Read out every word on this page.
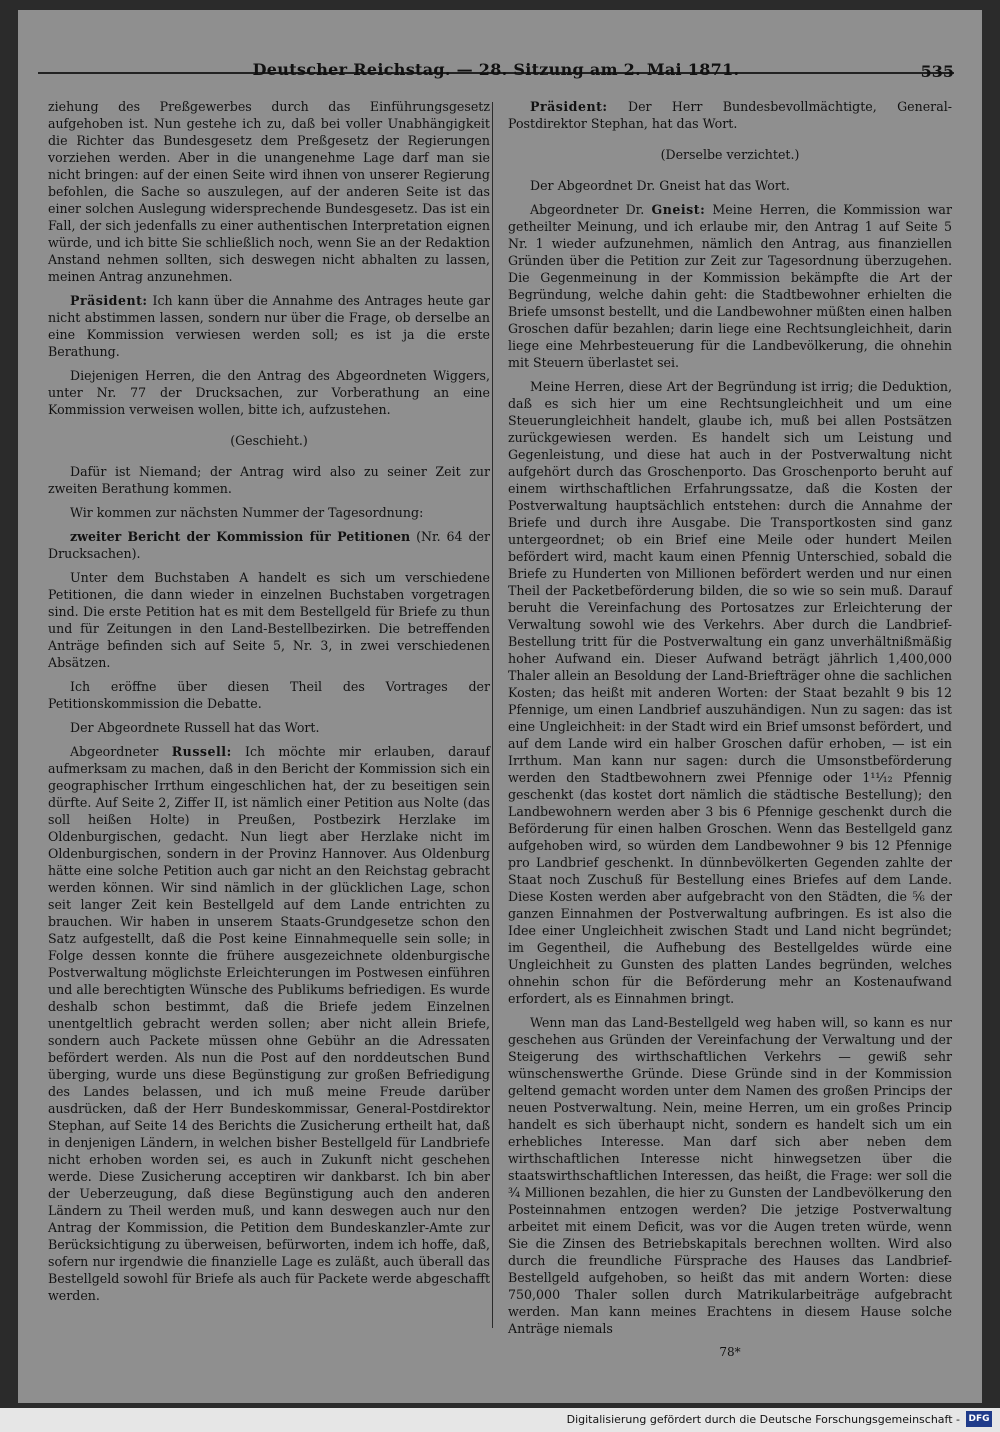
Deutscher Reichstag. — 28. Sitzung am 2. Mai 1871.	535

ziehung des Preßgewerbes durch das Einführungsgesetz aufgehoben ist. Nun gestehe ich zu, daß bei voller Unabhängigkeit die Richter das Bundesgesetz dem Preßgesetz der Regierungen vorziehen werden. Aber in die unangenehme Lage darf man sie nicht bringen: auf der einen Seite wird ihnen von unserer Regierung befohlen, die Sache so auszulegen, auf der anderen Seite ist das einer solchen Auslegung widersprechende Bundesgesetz. Das ist ein Fall, der sich jedenfalls zu einer authentischen Interpretation eignen würde, und ich bitte Sie schließlich noch, wenn Sie an der Redaktion Anstand nehmen sollten, sich deswegen nicht abhalten zu lassen, meinen Antrag anzunehmen.

Präsident: Ich kann über die Annahme des Antrages heute gar nicht abstimmen lassen, sondern nur über die Frage, ob derselbe an eine Kommission verwiesen werden soll; es ist ja die erste Berathung.

Diejenigen Herren, die den Antrag des Abgeordneten Wiggers, unter Nr. 77 der Drucksachen, zur Vorberathung an eine Kommission verweisen wollen, bitte ich, aufzustehen.

(Geschieht.)

Dafür ist Niemand; der Antrag wird also zu seiner Zeit zur zweiten Berathung kommen.

Wir kommen zur nächsten Nummer der Tagesordnung:

zweiter Bericht der Kommission für Petitionen (Nr. 64 der Drucksachen).

Unter dem Buchstaben A handelt es sich um verschiedene Petitionen, die dann wieder in einzelnen Buchstaben vorgetragen sind. Die erste Petition hat es mit dem Bestellgeld für Briefe zu thun und für Zeitungen in den Land-Bestellbezirken. Die betreffenden Anträge befinden sich auf Seite 5, Nr. 3, in zwei verschiedenen Absätzen.

Ich eröffne über diesen Theil des Vortrages der Petitionskommission die Debatte.

Der Abgeordnete Russell hat das Wort.

Abgeordneter Russell: Ich möchte mir erlauben, darauf aufmerksam zu machen, daß in den Bericht der Kommission sich ein geographischer Irrthum eingeschlichen hat, der zu beseitigen sein dürfte. Auf Seite 2, Ziffer II, ist nämlich einer Petition aus Nolte (das soll heißen Holte) in Preußen, Postbezirk Herzlake im Oldenburgischen, gedacht. Nun liegt aber Herzlake nicht im Oldenburgischen, sondern in der Provinz Hannover. Aus Oldenburg hätte eine solche Petition auch gar nicht an den Reichstag gebracht werden können. Wir sind nämlich in der glücklichen Lage, schon seit langer Zeit kein Bestellgeld auf dem Lande entrichten zu brauchen. Wir haben in unserem Staats-Grundgesetze schon den Satz aufgestellt, daß die Post keine Einnahmequelle sein solle; in Folge dessen konnte die frühere ausgezeichnete oldenburgische Postverwaltung möglichste Erleichterungen im Postwesen einführen und alle berechtigten Wünsche des Publikums befriedigen. Es wurde deshalb schon bestimmt, daß die Briefe jedem Einzelnen unentgeltlich gebracht werden sollen; aber nicht allein Briefe, sondern auch Packete müssen ohne Gebühr an die Adressaten befördert werden. Als nun die Post auf den norddeutschen Bund überging, wurde uns diese Begünstigung zur großen Befriedigung des Landes belassen, und ich muß meine Freude darüber ausdrücken, daß der Herr Bundeskommissar, General-Postdirektor Stephan, auf Seite 14 des Berichts die Zusicherung ertheilt hat, daß in denjenigen Ländern, in welchen bisher Bestellgeld für Landbriefe nicht erhoben worden sei, es auch in Zukunft nicht geschehen werde. Diese Zusicherung acceptiren wir dankbarst. Ich bin aber der Ueberzeugung, daß diese Begünstigung auch den anderen Ländern zu Theil werden muß, und kann deswegen auch nur den Antrag der Kommission, die Petition dem Bundeskanzler-Amte zur Berücksichtigung zu überweisen, befürworten, indem ich hoffe, daß, sofern nur irgendwie die finanzielle Lage es zuläßt, auch überall das Bestellgeld sowohl für Briefe als auch für Packete werde abgeschafft werden.

Präsident: Der Herr Bundesbevollmächtigte, General-Postdirektor Stephan, hat das Wort.

(Derselbe verzichtet.)

Der Abgeordnet Dr. Gneist hat das Wort.

Abgeordneter Dr. Gneist: Meine Herren, die Kommission war getheilter Meinung, und ich erlaube mir, den Antrag 1 auf Seite 5 Nr. 1 wieder aufzunehmen, nämlich den Antrag, aus finanziellen Gründen über die Petition zur Zeit zur Tagesordnung überzugehen. Die Gegenmeinung in der Kommission bekämpfte die Art der Begründung, welche dahin geht: die Stadtbewohner erhielten die Briefe umsonst bestellt, und die Landbewohner müßten einen halben Groschen dafür bezahlen; darin liege eine Rechtsungleichheit, darin liege eine Mehrbesteuerung für die Landbevölkerung, die ohnehin mit Steuern überlastet sei.

Meine Herren, diese Art der Begründung ist irrig; die Deduktion, daß es sich hier um eine Rechtsungleichheit und um eine Steuerungleichheit handelt, glaube ich, muß bei allen Postsätzen zurückgewiesen werden. Es handelt sich um Leistung und Gegenleistung, und diese hat auch in der Postverwaltung nicht aufgehört durch das Groschenporto. Das Groschenporto beruht auf einem wirthschaftlichen Erfahrungssatze, daß die Kosten der Postverwaltung hauptsächlich entstehen: durch die Annahme der Briefe und durch ihre Ausgabe. Die Transportkosten sind ganz untergeordnet; ob ein Brief eine Meile oder hundert Meilen befördert wird, macht kaum einen Pfennig Unterschied, sobald die Briefe zu Hunderten von Millionen befördert werden und nur einen Theil der Packetbeförderung bilden, die so wie so sein muß. Darauf beruht die Vereinfachung des Portosatzes zur Erleichterung der Verwaltung sowohl wie des Verkehrs. Aber durch die Landbrief-Bestellung tritt für die Postverwaltung ein ganz unverhältnißmäßig hoher Aufwand ein. Dieser Aufwand beträgt jährlich 1,400,000 Thaler allein an Besoldung der Land-Briefträger ohne die sachlichen Kosten; das heißt mit anderen Worten: der Staat bezahlt 9 bis 12 Pfennige, um einen Landbrief auszuhändigen. Nun zu sagen: das ist eine Ungleichheit: in der Stadt wird ein Brief umsonst befördert, und auf dem Lande wird ein halber Groschen dafür erhoben, — ist ein Irrthum. Man kann nur sagen: durch die Umsonstbeförderung werden den Stadtbewohnern zwei Pfennige oder 1¹¹⁄₁₂ Pfennig geschenkt (das kostet dort nämlich die städtische Bestellung); den Landbewohnern werden aber 3 bis 6 Pfennige geschenkt durch die Beförderung für einen halben Groschen. Wenn das Bestellgeld ganz aufgehoben wird, so würden dem Landbewohner 9 bis 12 Pfennige pro Landbrief geschenkt. In dünnbevölkerten Gegenden zahlte der Staat noch Zuschuß für Bestellung eines Briefes auf dem Lande. Diese Kosten werden aber aufgebracht von den Städten, die ⁵⁄₆ der ganzen Einnahmen der Postverwaltung aufbringen. Es ist also die Idee einer Ungleichheit zwischen Stadt und Land nicht begründet; im Gegentheil, die Aufhebung des Bestellgeldes würde eine Ungleichheit zu Gunsten des platten Landes begründen, welches ohnehin schon für die Beförderung mehr an Kostenaufwand erfordert, als es Einnahmen bringt.

Wenn man das Land-Bestellgeld weg haben will, so kann es nur geschehen aus Gründen der Vereinfachung der Verwaltung und der Steigerung des wirthschaftlichen Verkehrs — gewiß sehr wünschenswerthe Gründe. Diese Gründe sind in der Kommission geltend gemacht worden unter dem Namen des großen Princips der neuen Postverwaltung. Nein, meine Herren, um ein großes Princip handelt es sich überhaupt nicht, sondern es handelt sich um ein erhebliches Interesse. Man darf sich aber neben dem wirthschaftlichen Interesse nicht hinwegsetzen über die staatswirthschaftlichen Interessen, das heißt, die Frage: wer soll die ³⁄₄ Millionen bezahlen, die hier zu Gunsten der Landbevölkerung den Posteinnahmen entzogen werden? Die jetzige Postverwaltung arbeitet mit einem Deficit, was vor die Augen treten würde, wenn Sie die Zinsen des Betriebskapitals berechnen wollten. Wird also durch die freundliche Fürsprache des Hauses das Landbrief-Bestellgeld aufgehoben, so heißt das mit andern Worten: diese 750,000 Thaler sollen durch Matrikularbeiträge aufgebracht werden. Man kann meines Erachtens in diesem Hause solche Anträge niemals

78*
Digitalisierung gefördert durch die Deutsche Forschungsgemeinschaft - DFG
